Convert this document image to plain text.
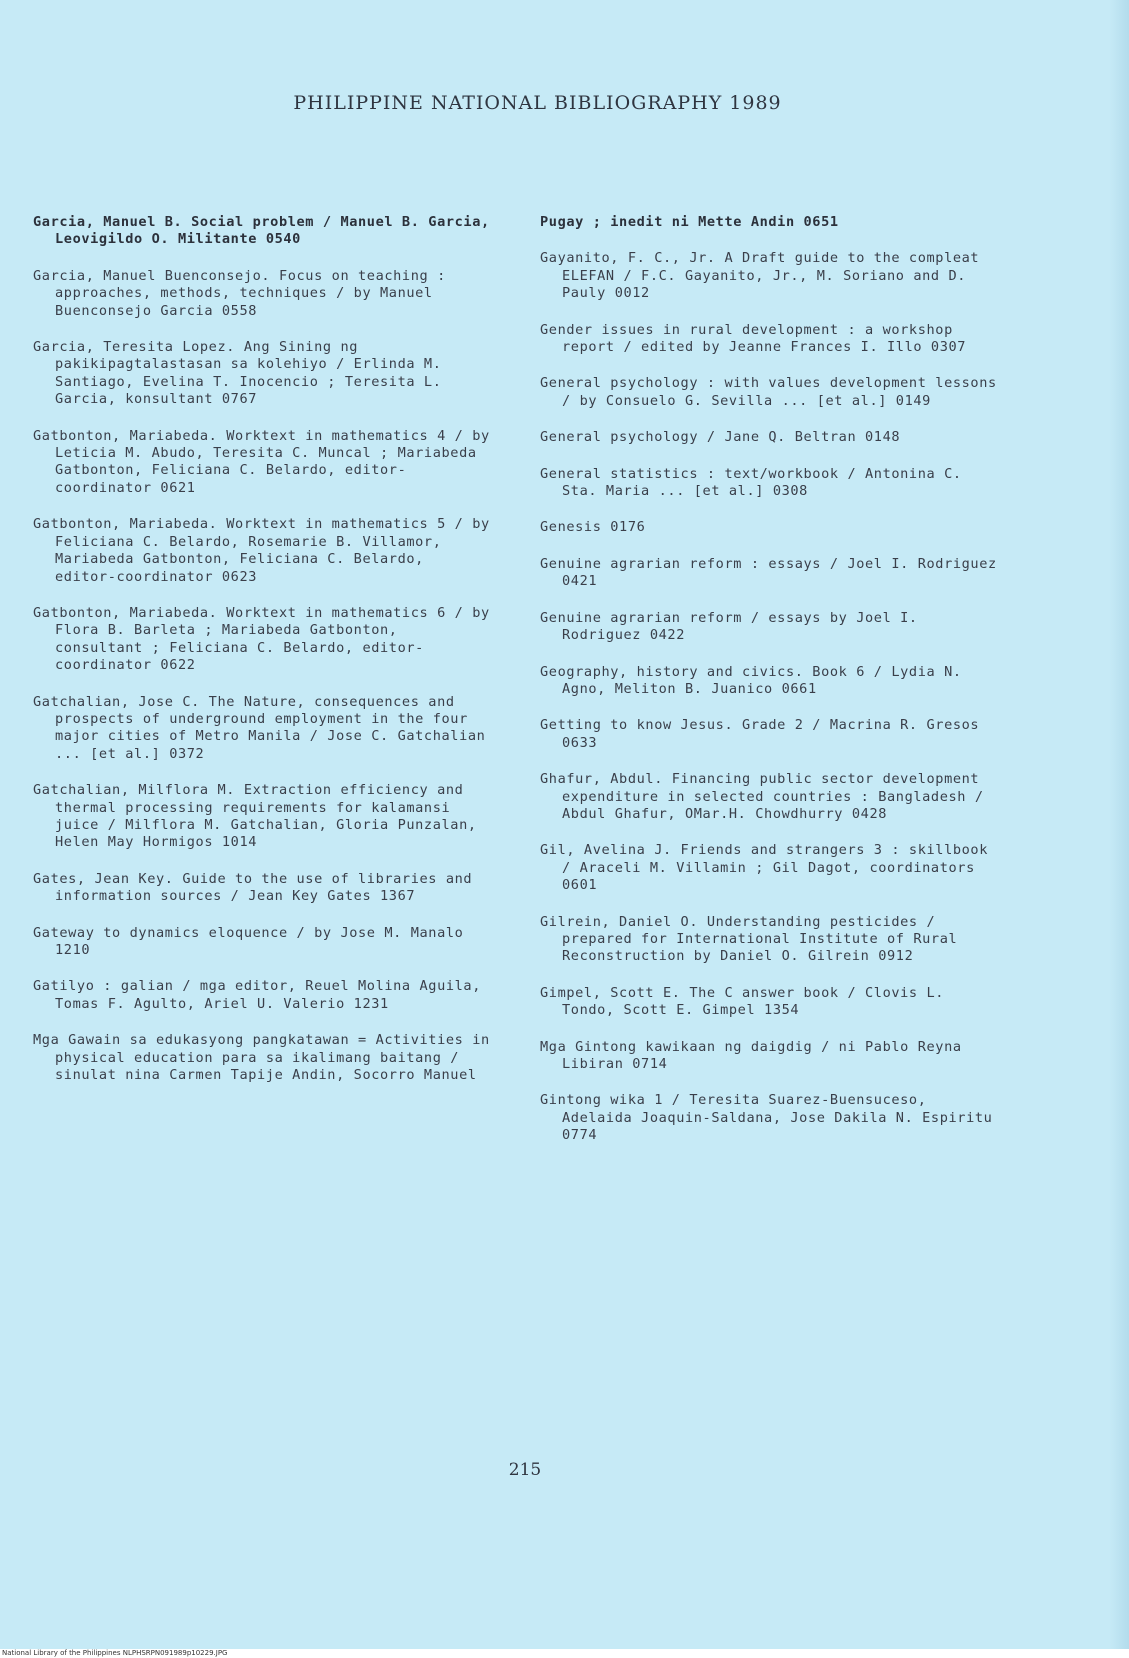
PHILIPPINE NATIONAL BIBLIOGRAPHY 1989
Garcia, Manuel B. Social problem / Manuel B. Garcia, Leovigildo O. Militante 0540
Garcia, Manuel Buenconsejo. Focus on teaching : approaches, methods, techniques / by Manuel Buenconsejo Garcia 0558
Garcia, Teresita Lopez. Ang Sining ng pakikipagtalastasan sa kolehiyo / Erlinda M. Santiago, Evelina T. Inocencio ; Teresita L. Garcia, konsultant 0767
Gatbonton, Mariabeda. Worktext in mathematics 4 / by Leticia M. Abudo, Teresita C. Muncal ; Mariabeda Gatbonton, Feliciana C. Belardo, editor-coordinator 0621
Gatbonton, Mariabeda. Worktext in mathematics 5 / by Feliciana C. Belardo, Rosemarie B. Villamor, Mariabeda Gatbonton, Feliciana C. Belardo, editor-coordinator 0623
Gatbonton, Mariabeda. Worktext in mathematics 6 / by Flora B. Barleta ; Mariabeda Gatbonton, consultant ; Feliciana C. Belardo, editor-coordinator 0622
Gatchalian, Jose C. The Nature, consequences and prospects of underground employment in the four major cities of Metro Manila / Jose C. Gatchalian ... [et al.] 0372
Gatchalian, Milflora M. Extraction efficiency and thermal processing requirements for kalamansi juice / Milflora M. Gatchalian, Gloria Punzalan, Helen May Hormigos 1014
Gates, Jean Key. Guide to the use of libraries and information sources / Jean Key Gates 1367
Gateway to dynamics eloquence / by Jose M. Manalo 1210
Gatilyo : galian / mga editor, Reuel Molina Aguila, Tomas F. Agulto, Ariel U. Valerio 1231
Mga Gawain sa edukasyong pangkatawan = Activities in physical education para sa ikalimang baitang / sinulat nina Carmen Tapije Andin, Socorro Manuel
Pugay ; inedit ni Mette Andin 0651
Gayanito, F. C., Jr. A Draft guide to the compleat ELEFAN / F.C. Gayanito, Jr., M. Soriano and D. Pauly 0012
Gender issues in rural development : a workshop report / edited by Jeanne Frances I. Illo 0307
General psychology : with values development lessons / by Consuelo G. Sevilla ... [et al.] 0149
General psychology / Jane Q. Beltran 0148
General statistics : text/workbook / Antonina C. Sta. Maria ... [et al.] 0308
Genesis 0176
Genuine agrarian reform : essays / Joel I. Rodriguez 0421
Genuine agrarian reform / essays by Joel I. Rodriguez 0422
Geography, history and civics. Book 6 / Lydia N. Agno, Meliton B. Juanico 0661
Getting to know Jesus. Grade 2 / Macrina R. Gresos 0633
Ghafur, Abdul. Financing public sector development expenditure in selected countries : Bangladesh / Abdul Ghafur, OMar.H. Chowdhurry 0428
Gil, Avelina J. Friends and strangers 3 : skillbook / Araceli M. Villamin ; Gil Dagot, coordinators 0601
Gilrein, Daniel O. Understanding pesticides / prepared for International Institute of Rural Reconstruction by Daniel O. Gilrein 0912
Gimpel, Scott E. The C answer book / Clovis L. Tondo, Scott E. Gimpel 1354
Mga Gintong kawikaan ng daigdig / ni Pablo Reyna Libiran 0714
Gintong wika 1 / Teresita Suarez-Buensuceso, Adelaida Joaquin-Saldana, Jose Dakila N. Espiritu 0774
215
National Library of the Philippines NLPHSRPN091989p10229.JPG
